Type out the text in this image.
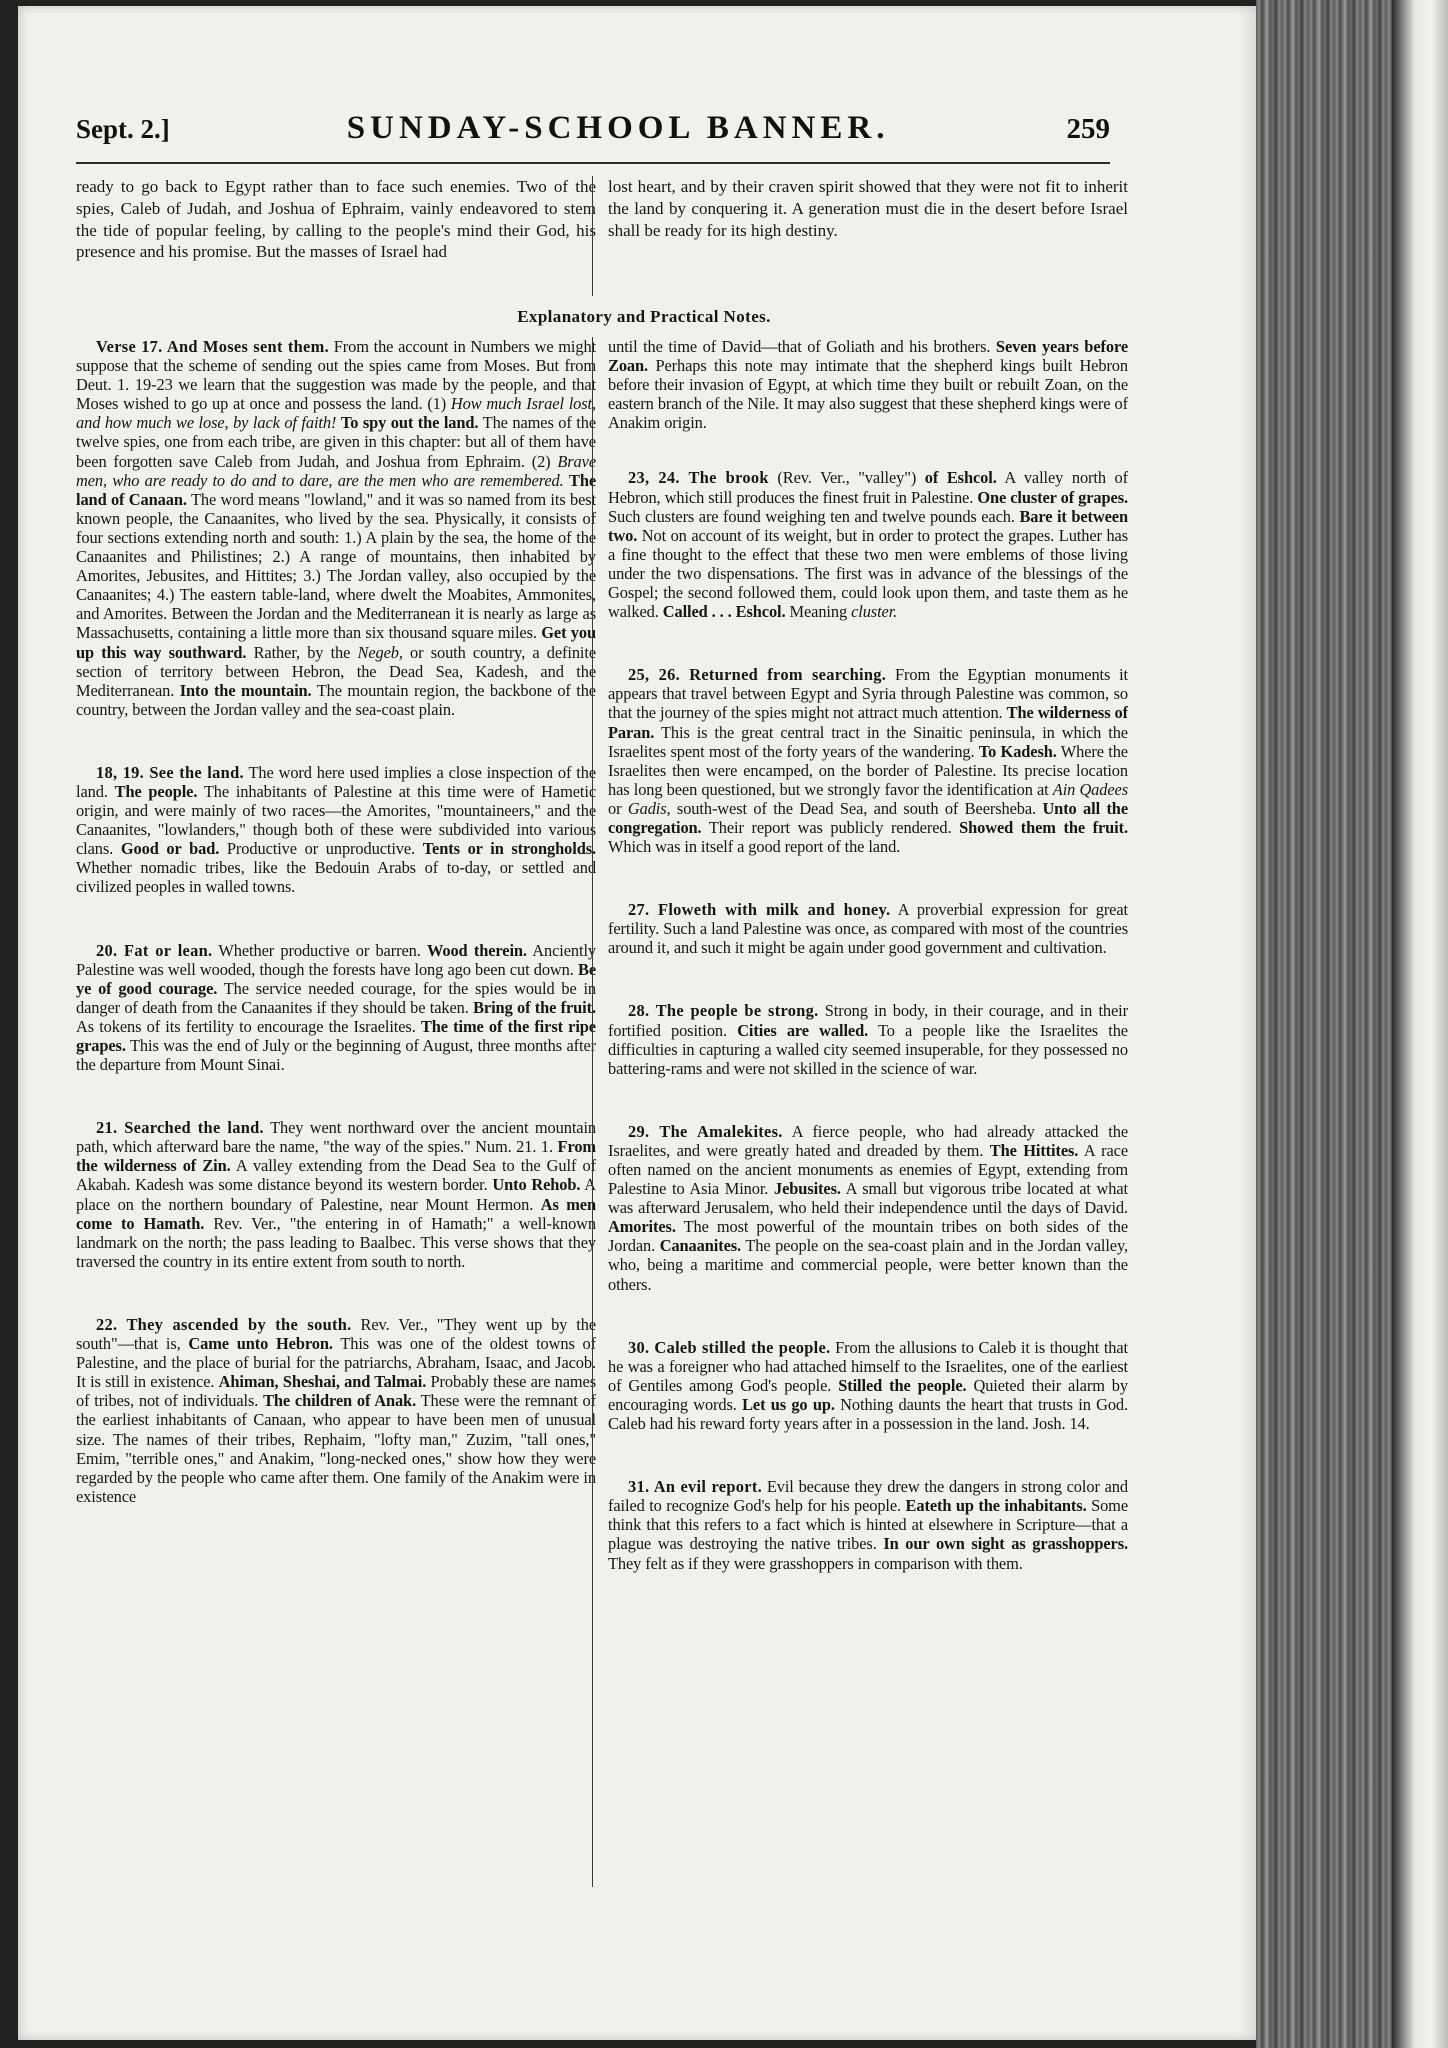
Sept. 2.]	SUNDAY-SCHOOL BANNER.	259

ready to go back to Egypt rather than to face such enemies. Two of the spies, Caleb of Judah, and Joshua of Ephraim, vainly endeavored to stem the tide of popular feeling, by calling to the people's mind their God, his presence and his promise. But the masses of Israel had

lost heart, and by their craven spirit showed that they were not fit to inherit the land by conquering it. A generation must die in the desert before Israel shall be ready for its high destiny.

Explanatory and Practical Notes.

Verse 17. And Moses sent them. From the account in Numbers we might suppose that the scheme of sending out the spies came from Moses. But from Deut. 1. 19-23 we learn that the suggestion was made by the people, and that Moses wished to go up at once and possess the land. (1) How much Israel lost, and how much we lose, by lack of faith! To spy out the land. The names of the twelve spies, one from each tribe, are given in this chapter: but all of them have been forgotten save Caleb from Judah, and Joshua from Ephraim. (2) Brave men, who are ready to do and to dare, are the men who are remembered. The land of Canaan. The word means "lowland," and it was so named from its best known people, the Canaanites, who lived by the sea. Physically, it consists of four sections extending north and south: 1.) A plain by the sea, the home of the Canaanites and Philistines; 2.) A range of mountains, then inhabited by Amorites, Jebusites, and Hittites; 3.) The Jordan valley, also occupied by the Canaanites; 4.) The eastern table-land, where dwelt the Moabites, Ammonites, and Amorites. Between the Jordan and the Mediterranean it is nearly as large as Massachusetts, containing a little more than six thousand square miles. Get you up this way southward. Rather, by the Negeb, or south country, a definite section of territory between Hebron, the Dead Sea, Kadesh, and the Mediterranean. Into the mountain. The mountain region, the backbone of the country, between the Jordan valley and the sea-coast plain.

18, 19. See the land. The word here used implies a close inspection of the land. The people. The inhabitants of Palestine at this time were of Hametic origin, and were mainly of two races—the Amorites, "mountaineers," and the Canaanites, "lowlanders," though both of these were subdivided into various clans. Good or bad. Productive or unproductive. Tents or in strongholds. Whether nomadic tribes, like the Bedouin Arabs of to-day, or settled and civilized peoples in walled towns.

20. Fat or lean. Whether productive or barren. Wood therein. Anciently Palestine was well wooded, though the forests have long ago been cut down. Be ye of good courage. The service needed courage, for the spies would be in danger of death from the Canaanites if they should be taken. Bring of the fruit. As tokens of its fertility to encourage the Israelites. The time of the first ripe grapes. This was the end of July or the beginning of August, three months after the departure from Mount Sinai.

21. Searched the land. They went northward over the ancient mountain path, which afterward bare the name, "the way of the spies." Num. 21. 1. From the wilderness of Zin. A valley extending from the Dead Sea to the Gulf of Akabah. Kadesh was some distance beyond its western border. Unto Rehob. A place on the northern boundary of Palestine, near Mount Hermon. As men come to Hamath. Rev. Ver., "the entering in of Hamath;" a well-known landmark on the north; the pass leading to Baalbec. This verse shows that they traversed the country in its entire extent from south to north.

22. They ascended by the south. Rev. Ver., "They went up by the south"—that is, Came unto Hebron. This was one of the oldest towns of Palestine, and the place of burial for the patriarchs, Abraham, Isaac, and Jacob. It is still in existence. Ahiman, Sheshai, and Talmai. Probably these are names of tribes, not of individuals. The children of Anak. These were the remnant of the earliest inhabitants of Canaan, who appear to have been men of unusual size. The names of their tribes, Rephaim, "lofty man," Zuzim, "tall ones," Emim, "terrible ones," and Anakim, "long-necked ones," show how they were regarded by the people who came after them. One family of the Anakim were in existence

until the time of David—that of Goliath and his brothers. Seven years before Zoan. Perhaps this note may intimate that the shepherd kings built Hebron before their invasion of Egypt, at which time they built or rebuilt Zoan, on the eastern branch of the Nile. It may also suggest that these shepherd kings were of Anakim origin.

23, 24. The brook (Rev. Ver., "valley") of Eshcol. A valley north of Hebron, which still produces the finest fruit in Palestine. One cluster of grapes. Such clusters are found weighing ten and twelve pounds each. Bare it between two. Not on account of its weight, but in order to protect the grapes. Luther has a fine thought to the effect that these two men were emblems of those living under the two dispensations. The first was in advance of the blessings of the Gospel; the second followed them, could look upon them, and taste them as he walked. Called . . . Eshcol. Meaning cluster.

25, 26. Returned from searching. From the Egyptian monuments it appears that travel between Egypt and Syria through Palestine was common, so that the journey of the spies might not attract much attention. The wilderness of Paran. This is the great central tract in the Sinaitic peninsula, in which the Israelites spent most of the forty years of the wandering. To Kadesh. Where the Israelites then were encamped, on the border of Palestine. Its precise location has long been questioned, but we strongly favor the identification at Ain Qadees or Gadis, south-west of the Dead Sea, and south of Beersheba. Unto all the congregation. Their report was publicly rendered. Showed them the fruit. Which was in itself a good report of the land.

27. Floweth with milk and honey. A proverbial expression for great fertility. Such a land Palestine was once, as compared with most of the countries around it, and such it might be again under good government and cultivation.

28. The people be strong. Strong in body, in their courage, and in their fortified position. Cities are walled. To a people like the Israelites the difficulties in capturing a walled city seemed insuperable, for they possessed no battering-rams and were not skilled in the science of war.

29. The Amalekites. A fierce people, who had already attacked the Israelites, and were greatly hated and dreaded by them. The Hittites. A race often named on the ancient monuments as enemies of Egypt, extending from Palestine to Asia Minor. Jebusites. A small but vigorous tribe located at what was afterward Jerusalem, who held their independence until the days of David. Amorites. The most powerful of the mountain tribes on both sides of the Jordan. Canaanites. The people on the sea-coast plain and in the Jordan valley, who, being a maritime and commercial people, were better known than the others.

30. Caleb stilled the people. From the allusions to Caleb it is thought that he was a foreigner who had attached himself to the Israelites, one of the earliest of Gentiles among God's people. Stilled the people. Quieted their alarm by encouraging words. Let us go up. Nothing daunts the heart that trusts in God. Caleb had his reward forty years after in a possession in the land. Josh. 14.

31. An evil report. Evil because they drew the dangers in strong color and failed to recognize God's help for his people. Eateth up the inhabitants. Some think that this refers to a fact which is hinted at elsewhere in Scripture—that a plague was destroying the native tribes. In our own sight as grasshoppers. They felt as if they were grasshoppers in comparison with them.
